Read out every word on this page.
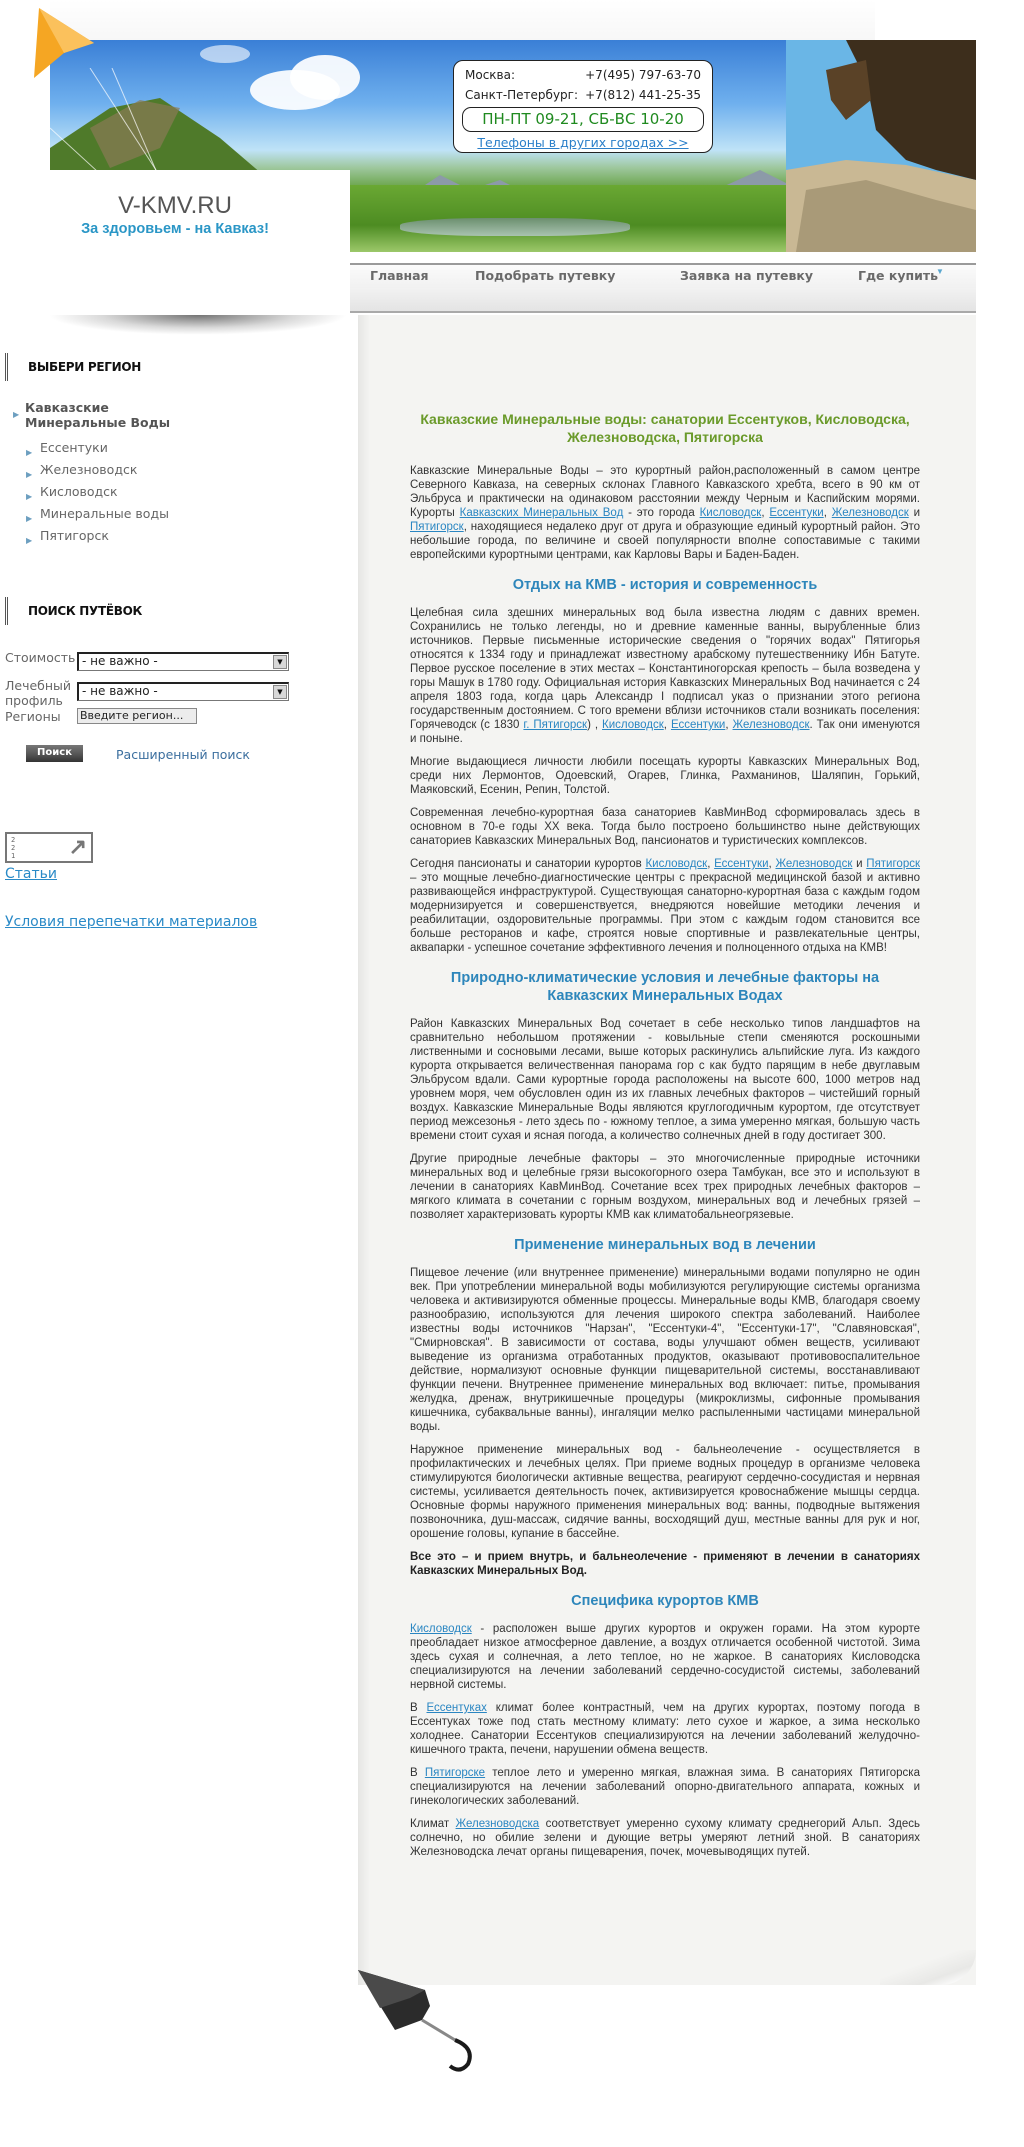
Москва:	+7(495) 797-63-70
Санкт-Петербург: +7(812) 441-25-35
ПН-ПТ 09-21, СБ-ВС 10-20
Телефоны в других городах >>
V-KMV.RU
За здоровьем - на Кавказ!
Главная	Подобрать путевку	Заявка на путевку	Где купить
▼
ВЫБЕРИ РЕГИОН
▶ Кавказские Минеральные Воды
▶ Ессентуки
▶ Железноводск
▶ Кисловодск
▶ Минеральные воды
▶ Пятигорск
ПОИСК ПУТЁВОК
Стоимость - не важно -	▼
Лечебный
профиль
- не важно -	▼
Регионы Введите регион...
Поиск	Расширенный поиск
221 ↗
Статьи
Условия перепечатки материалов
Кавказские Минеральные воды: санатории Ессентуков, Кисловодска, Железноводска, Пятигорска

Кавказские Минеральные Воды – это курортный район,расположенный в самом центре Северного Кавказа, на северных склонах Главного Кавказского хребта, всего в 90 км от Эльбруса и практически на одинаковом расстоянии между Черным и Каспийским морями. Курорты Кавказских Минеральных Вод - это города Кисловодск, Ессентуки, Железноводск и Пятигорск, находящиеся недалеко друг от друга и образующие единый курортный район. Это небольшие города, по величине и своей популярности вполне сопоставимые с такими европейскими курортными центрами, как Карловы Вары и Баден-Баден.

Отдых на КМВ - история и современность

Целебная сила здешних минеральных вод была известна людям с давних времен. Сохранились не только легенды, но и древние каменные ванны, вырубленные близ источников. Первые письменные исторические сведения о "горячих водах" Пятигорья относятся к 1334 году и принадлежат известному арабскому путешественнику Ибн Батуте. Первое русское поселение в этих местах – Константиногорская крепость – была возведена у горы Машук в 1780 году. Официальная история Кавказских Минеральных Вод начинается с 24 апреля 1803 года, когда царь Александр I подписал указ о признании этого региона государственным достоянием. С того времени вблизи источников стали возникать поселения: Горячеводск (с 1830 г. Пятигорск) , Кисловодск, Ессентуки, Железноводск. Так они именуются и поныне.

Многие выдающиеся личности любили посещать курорты Кавказских Минеральных Вод, среди них Лермонтов, Одоевский, Огарев, Глинка, Рахманинов, Шаляпин, Горький, Маяковский, Есенин, Репин, Толстой.

Современная лечебно-курортная база санаториев КавМинВод сформировалась здесь в основном в 70-е годы XX века. Тогда было построено большинство ныне действующих санаториев Кавказских Минеральных Вод, пансионатов и туристических комплексов.

Сегодня пансионаты и санатории курортов Кисловодск, Ессентуки, Железноводск и Пятигорск – это мощные лечебно-диагностические центры с прекрасной медицинской базой и активно развивающейся инфраструктурой. Существующая санаторно-курортная база с каждым годом модернизируется и совершенствуется, внедряются новейшие методики лечения и реабилитации, оздоровительные программы. При этом с каждым годом становится все больше ресторанов и кафе, строятся новые спортивные и развлекательные центры, аквапарки - успешное сочетание эффективного лечения и полноценного отдыха на КМВ!

Природно-климатические условия и лечебные факторы на Кавказских Минеральных Водах

Район Кавказских Минеральных Вод сочетает в себе несколько типов ландшафтов на сравнительно небольшом протяжении - ковыльные степи сменяются роскошными лиственными и сосновыми лесами, выше которых раскинулись альпийские луга. Из каждого курорта открывается величественная панорама гор с как будто парящим в небе двуглавым Эльбрусом вдали. Сами курортные города расположены на высоте 600, 1000 метров над уровнем моря, чем обусловлен один из их главных лечебных факторов – чистейший горный воздух. Кавказские Минеральные Воды являются круглогодичным курортом, где отсутствует период межсезонья - лето здесь по - южному теплое, а зима умеренно мягкая, большую часть времени стоит сухая и ясная погода, а количество солнечных дней в году достигает 300.

Другие природные лечебные факторы – это многочисленные природные источники минеральных вод и целебные грязи высокогорного озера Тамбукан, все это и используют в лечении в санаториях КавМинВод. Сочетание всех трех природных лечебных факторов – мягкого климата в сочетании с горным воздухом, минеральных вод и лечебных грязей – позволяет характеризовать курорты КМВ как климатобальнеогрязевые.

Применение минеральных вод в лечении

Пищевое лечение (или внутреннее применение) минеральными водами популярно не один век. При употреблении минеральной воды мобилизуются регулирующие системы организма человека и активизируются обменные процессы. Минеральные воды КМВ, благодаря своему разнообразию, используются для лечения широкого спектра заболеваний. Наиболее известны воды источников "Нарзан", "Ессентуки-4", "Ессентуки-17", "Славяновская", "Смирновская". В зависимости от состава, воды улучшают обмен веществ, усиливают выведение из организма отработанных продуктов, оказывают противовоспалительное действие, нормализуют основные функции пищеварительной системы, восстанавливают функции печени. Внутреннее применение минеральных вод включает: питье, промывания желудка, дренаж, внутрикишечные процедуры (микроклизмы, сифонные промывания кишечника, субаквальные ванны), ингаляции мелко распыленными частицами минеральной воды.

Наружное применение минеральных вод - бальнеолечение - осуществляется в профилактических и лечебных целях. При приеме водных процедур в организме человека стимулируются биологически активные вещества, реагируют сердечно-сосудистая и нервная системы, усиливается деятельность почек, активизируется кровоснабжение мышцы сердца. Основные формы наружного применения минеральных вод: ванны, подводные вытяжения позвоночника, душ-массаж, сидячие ванны, восходящий душ, местные ванны для рук и ног, орошение головы, купание в бассейне.

Все это – и прием внутрь, и бальнеолечение - применяют в лечении в санаториях Кавказских Минеральных Вод.

Специфика курортов КМВ

Кисловодск - расположен выше других курортов и окружен горами. На этом курорте преобладает низкое атмосферное давление, а воздух отличается особенной чистотой. Зима здесь сухая и солнечная, а лето теплое, но не жаркое. В санаториях Кисловодска специализируются на лечении заболеваний сердечно-сосудистой системы, заболеваний нервной системы.

В Ессентуках климат более контрастный, чем на других курортах, поэтому погода в Ессентуках тоже под стать местному климату: лето сухое и жаркое, а зима несколько холоднее. Санатории Ессентуков специализируются на лечении заболеваний желудочно-кишечного тракта, печени, нарушении обмена веществ.

В Пятигорске теплое лето и умеренно мягкая, влажная зима. В санаториях Пятигорска специализируются на лечении заболеваний опорно-двигательного аппарата, кожных и гинекологических заболеваний.

Климат Железноводска соответствует умеренно сухому климату среднегорий Альп. Здесь солнечно, но обилие зелени и дующие ветры умеряют летний зной. В санаториях Железноводска лечат органы пищеварения, почек, мочевыводящих путей.
